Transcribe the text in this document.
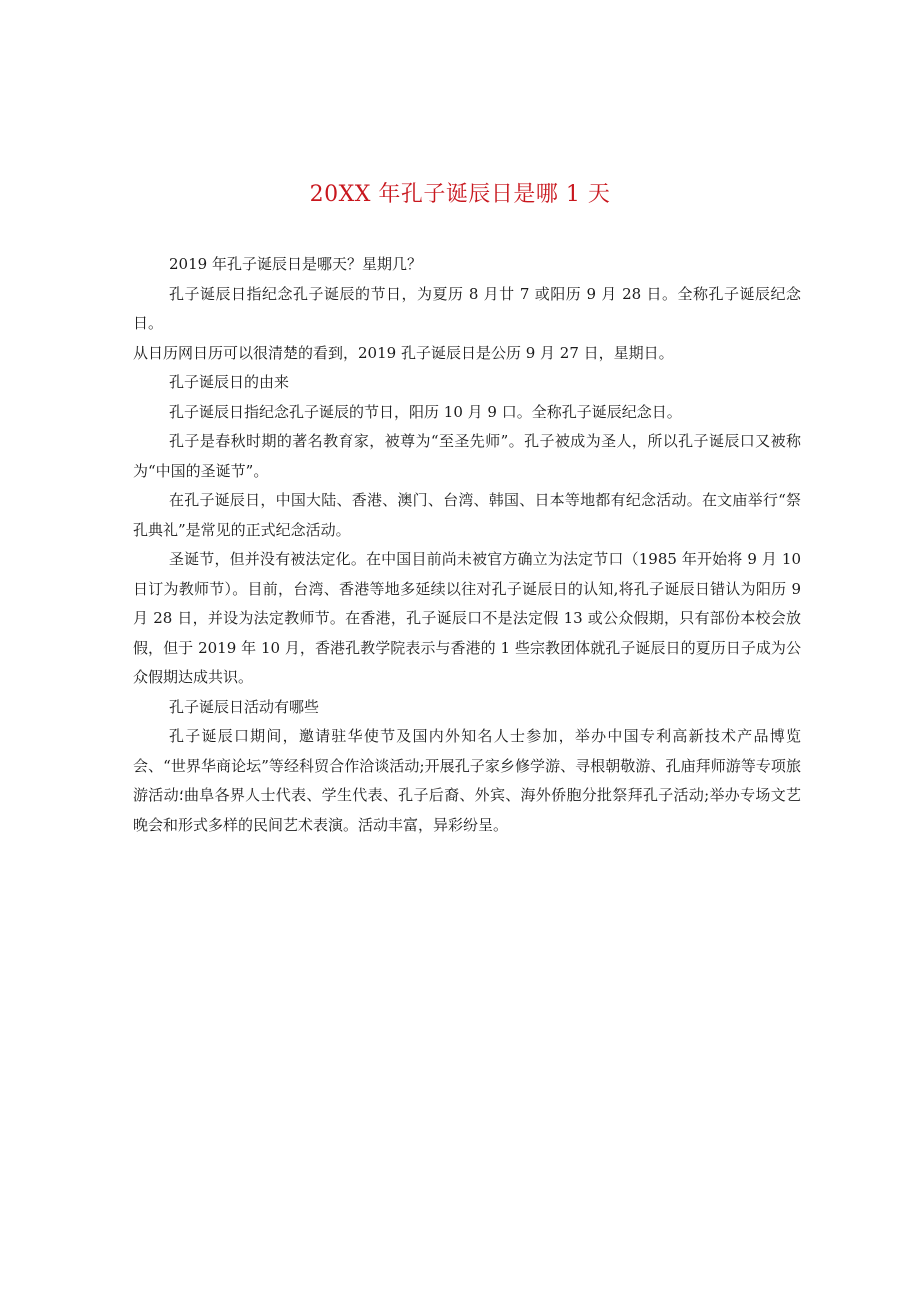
20XX 年孔子诞辰日是哪 1 天

2019 年孔子诞辰日是哪天？星期几？

孔子诞辰日指纪念孔子诞辰的节日，为夏历 8 月廿 7 或阳历 9 月 28 日。全称孔子诞辰纪念日。

从日历网日历可以很清楚的看到，2019 孔子诞辰日是公历 9 月 27 日，星期日。

孔子诞辰日的由来

孔子诞辰日指纪念孔子诞辰的节日，阳历 10 月 9 口。全称孔子诞辰纪念日。

孔子是春秋时期的著名教育家，被尊为“至圣先师”。孔子被成为圣人，所以孔子诞辰口又被称为“中国的圣诞节”。

在孔子诞辰日，中国大陆、香港、澳门、台湾、韩国、日本等地都有纪念活动。在文庙举行“祭孔典礼”是常见的正式纪念活动。

圣诞节，但并没有被法定化。在中国目前尚未被官方确立为法定节口（1985 年开始将 9 月 10 日订为教师节）。目前，台湾、香港等地多延续以往对孔子诞辰日的认知,将孔子诞辰日错认为阳历 9 月 28 日，并设为法定教师节。在香港，孔子诞辰口不是法定假 13 或公众假期，只有部份本校会放假，但于 2019 年 10 月，香港孔教学院表示与香港的 1 些宗教团体就孔子诞辰日的夏历日子成为公众假期达成共识。

孔子诞辰日活动有哪些

孔子诞辰口期间，邀请驻华使节及国内外知名人士参加，举办中国专利高新技术产品博览会、“世界华商论坛”等经科贸合作洽谈活动;开展孔子家乡修学游、寻根朝敬游、孔庙拜师游等专项旅游活动؛曲阜各界人士代表、学生代表、孔子后裔、外宾、海外侨胞分批祭拜孔子活动;举办专场文艺晚会和形式多样的民间艺术表演。活动丰富，异彩纷呈。
